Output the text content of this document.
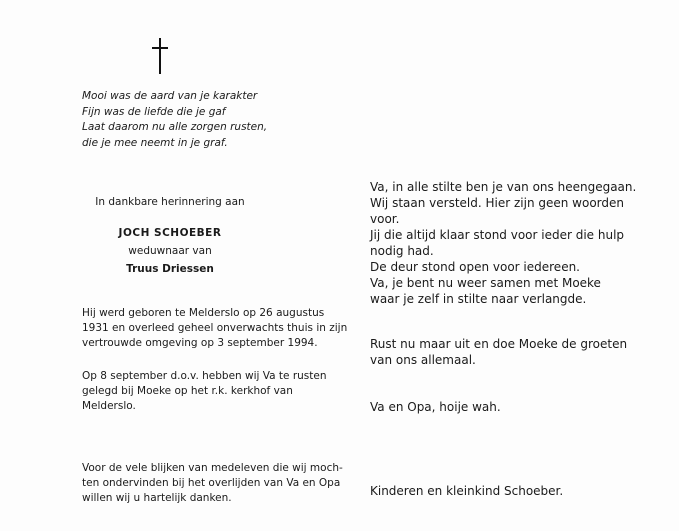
Mooi was de aard van je karakter
Fijn was de liefde die je gaf
Laat daarom nu alle zorgen rusten,
die je mee neemt in je graf.
In dankbare herinnering aan
JOCH SCHOEBER
weduwnaar van
Truus Driessen
Hij werd geboren te Melderslo op 26 augustus
1931 en overleed geheel onverwachts thuis in zijn
vertrouwde omgeving op 3 september 1994.
Op 8 september d.o.v. hebben wij Va te rusten
gelegd bij Moeke op het r.k. kerkhof van
Melderslo.
Voor de vele blijken van medeleven die wij moch-
ten ondervinden bij het overlijden van Va en Opa
willen wij u hartelijk danken.
Va, in alle stilte ben je van ons heengegaan.
Wij staan versteld. Hier zijn geen woorden
voor.
Jij die altijd klaar stond voor ieder die hulp
nodig had.
De deur stond open voor iedereen.
Va, je bent nu weer samen met Moeke
waar je zelf in stilte naar verlangde.
Rust nu maar uit en doe Moeke de groeten
van ons allemaal.
Va en Opa, hoije wah.
Kinderen en kleinkind Schoeber.
